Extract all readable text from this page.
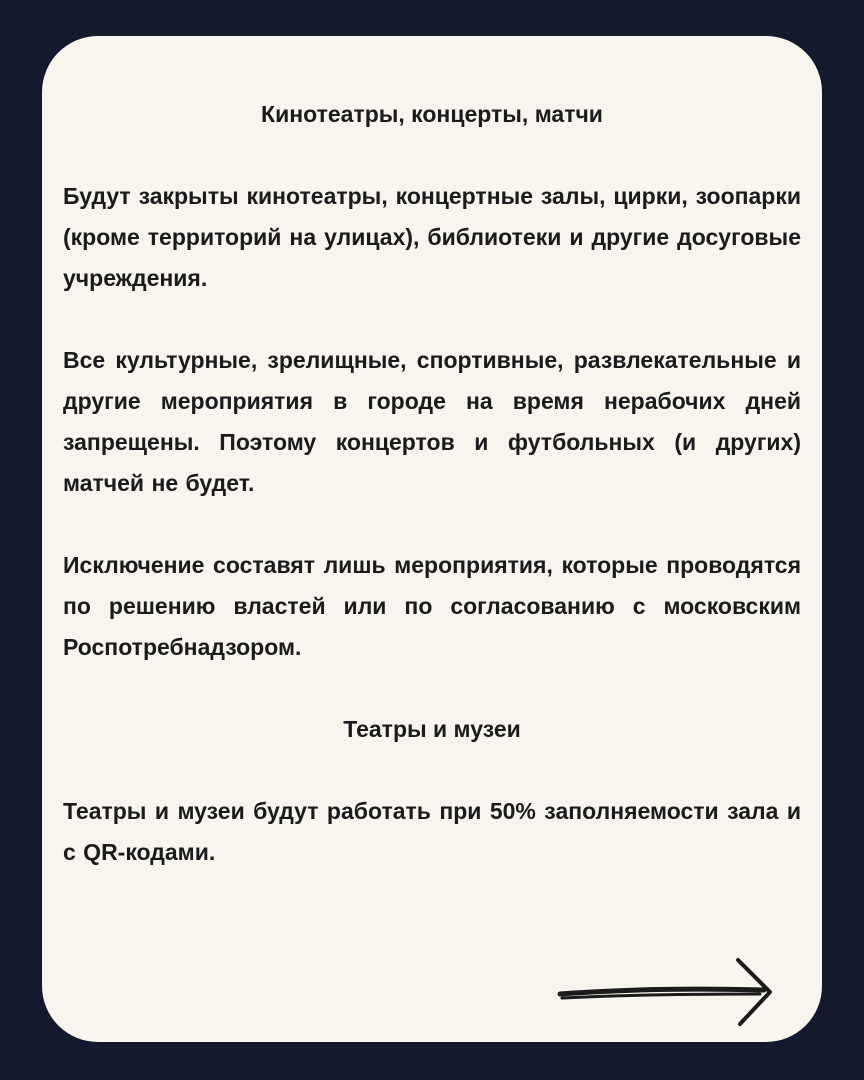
Кинотеатры, концерты, матчи

Будут закрыты кинотеатры, концертные залы, цирки, зоопарки (кроме территорий на улицах), библиотеки и другие досуговые учреждения.

Все культурные, зрелищные, спортивные, развлекательные и другие мероприятия в городе на время нерабочих дней запрещены. Поэтому концертов и футбольных (и других) матчей не будет.

Исключение составят лишь мероприятия, которые проводятся по решению властей или по согласованию с московским Роспотребнадзором.

Театры и музеи

Театры и музеи будут работать при 50% заполняемости зала и с QR-кодами.
